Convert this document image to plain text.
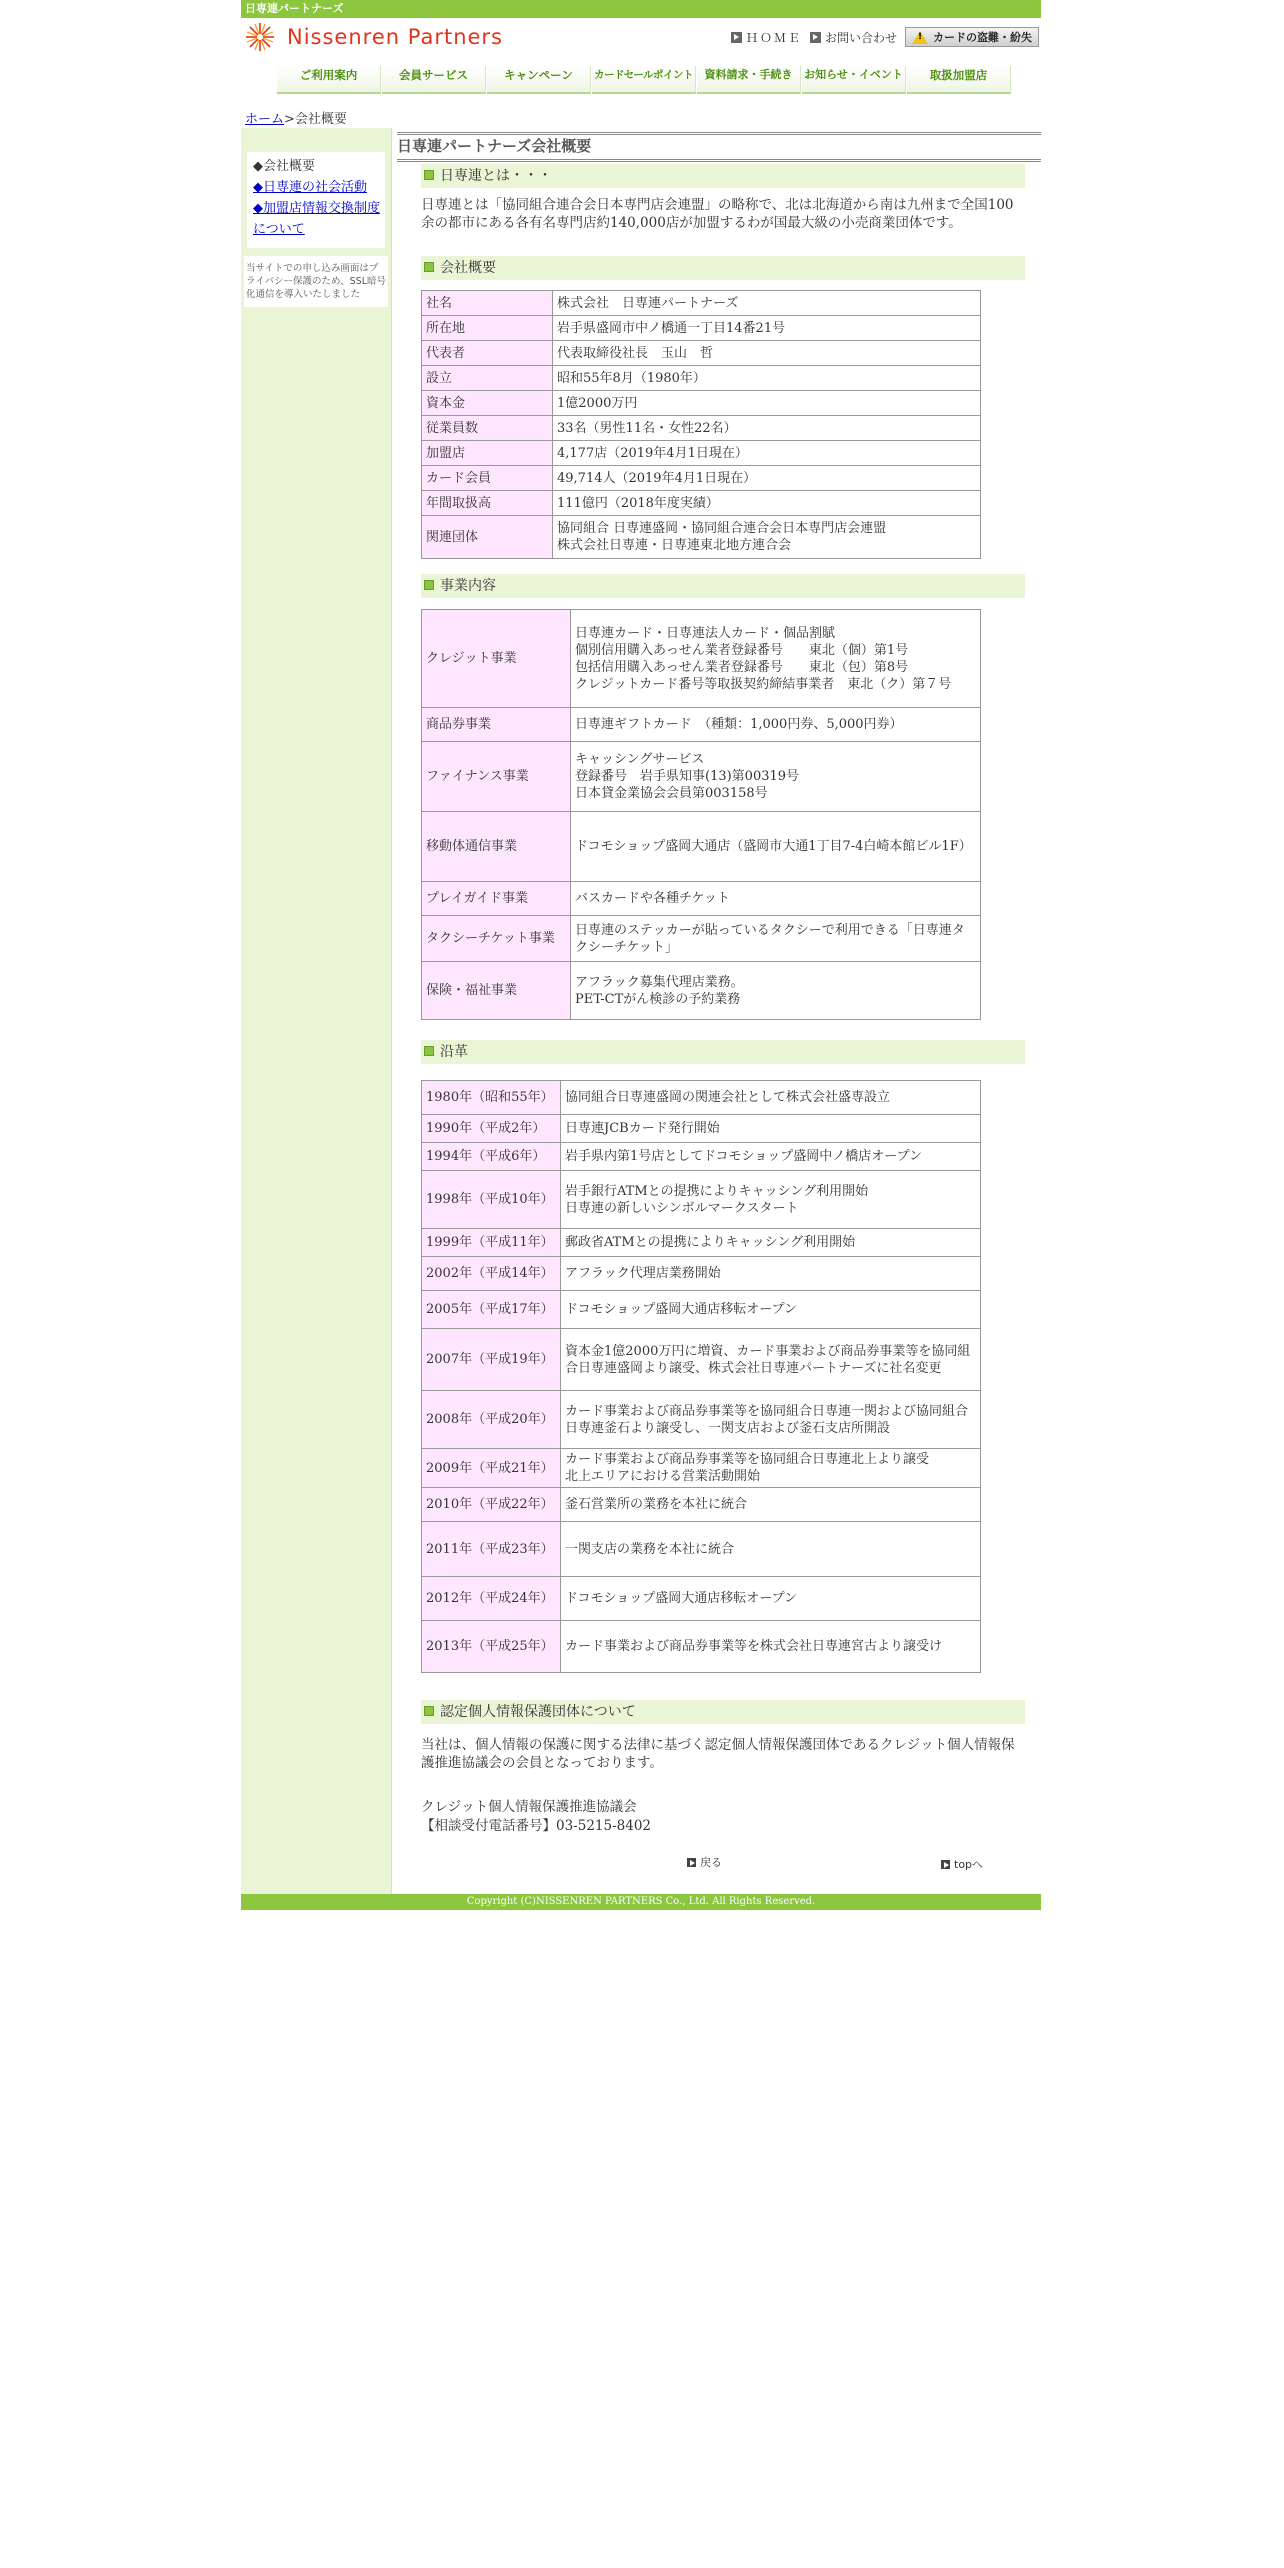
日専連パートナーズ
Nissenren Partners	ＨＯＭＥ お問い合わせ !	カードの盗難・紛失
ご利用案内	会員サービス	キャンペーン	カードセールポイント	資料請求・手続き	お知らせ・イベント	取扱加盟店
ホーム>会社概要
◆会社概要
◆日専連の社会活動
◆加盟店情報交換制度について
当サイトでの申し込み画面はプライバシー保護のため、SSL暗号化通信を導入いたしました
日専連パートナーズ会社概要
日専連とは・・・
日専連とは「協同組合連合会日本専門店会連盟」の略称で、北は北海道から南は九州まで全国100余の都市にある各有名専門店約140,000店が加盟するわが国最大級の小売商業団体です。
会社概要
社名	株式会社　日専連パートナーズ
所在地	岩手県盛岡市中ノ橋通一丁目14番21号
代表者	代表取締役社長　玉山　哲
設立	昭和55年8月（1980年）
資本金	1億2000万円
従業員数	33名（男性11名・女性22名）
加盟店	4,177店（2019年4月1日現在）
カード会員	49,714人（2019年4月1日現在）
年間取扱高	111億円（2018年度実績）
関連団体	協同組合 日専連盛岡・協同組合連合会日本専門店会連盟
株式会社日専連・日専連東北地方連合会
事業内容
クレジット事業	日専連カード・日専連法人カード・個品割賦
個別信用購入あっせん業者登録番号　　東北（個）第1号
包括信用購入あっせん業者登録番号　　東北（包）第8号
クレジットカード番号等取扱契約締結事業者　東北（ク）第７号
商品券事業	日専連ギフトカード　（種類：1,000円券、5,000円券）
ファイナンス事業	キャッシングサービス
登録番号　岩手県知事(13)第00319号
日本貸金業協会会員第003158号
移動体通信事業	ドコモショップ盛岡大通店（盛岡市大通1丁目7-4白崎本館ビル1F）
プレイガイド事業	バスカードや各種チケット
タクシーチケット事業	日専連のステッカーが貼っているタクシーで利用できる「日専連タクシーチケット」
保険・福祉事業	アフラック募集代理店業務。
PET-CTがん検診の予約業務
沿革
1980年（昭和55年）	協同組合日専連盛岡の関連会社として株式会社盛専設立
1990年（平成2年）	日専連JCBカード発行開始
1994年（平成6年）	岩手県内第1号店としてドコモショップ盛岡中ノ橋店オープン
1998年（平成10年）	岩手銀行ATMとの提携によりキャッシング利用開始
日専連の新しいシンボルマークスタート
1999年（平成11年）	郵政省ATMとの提携によりキャッシング利用開始
2002年（平成14年）	アフラック代理店業務開始
2005年（平成17年）	ドコモショップ盛岡大通店移転オープン
2007年（平成19年）	資本金1億2000万円に増資、カード事業および商品券事業等を協同組合日専連盛岡より譲受、株式会社日専連パートナーズに社名変更
2008年（平成20年）	カード事業および商品券事業等を協同組合日専連一関および協同組合日専連釜石より譲受し、一関支店および釜石支店所開設
2009年（平成21年）	カード事業および商品券事業等を協同組合日専連北上より譲受
北上エリアにおける営業活動開始
2010年（平成22年）	釜石営業所の業務を本社に統合
2011年（平成23年）	一関支店の業務を本社に統合
2012年（平成24年）	ドコモショップ盛岡大通店移転オープン
2013年（平成25年）	カード事業および商品券事業等を株式会社日専連宮古より譲受け
認定個人情報保護団体について
当社は、個人情報の保護に関する法律に基づく認定個人情報保護団体であるクレジット個人情報保護推進協議会の会員となっております。
クレジット個人情報保護推進協議会
【相談受付電話番号】03-5215-8402
戻る	topへ
Copyright (C)NISSENREN PARTNERS Co., Ltd. All Rights Reserved.
